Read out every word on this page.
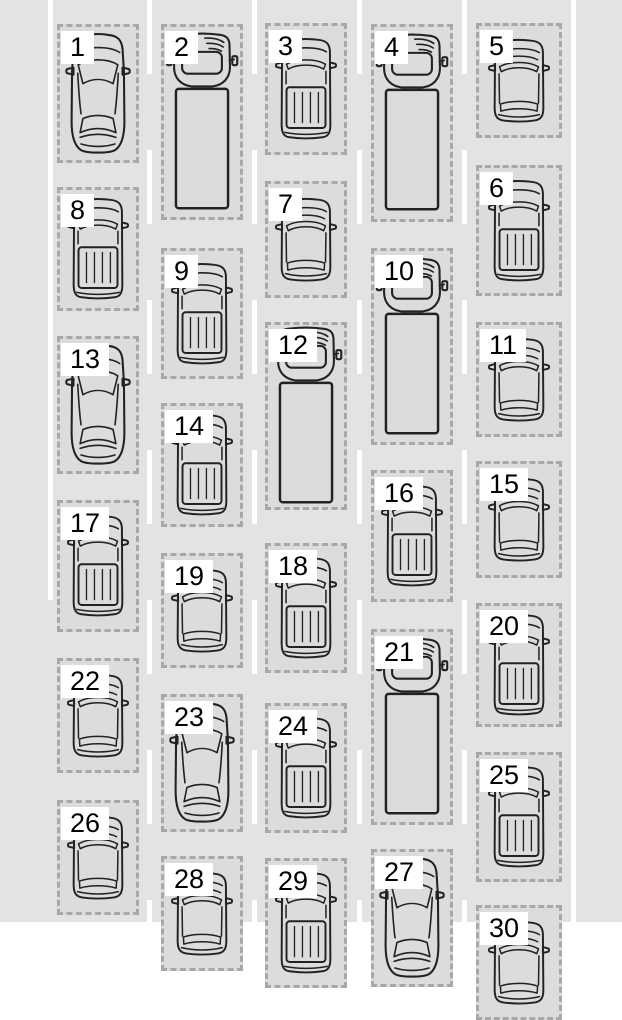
1	2	3	4	5
6
7
8
9	10
11
12
13
14
15
16
17
18
19
20
21
22
23	24
25
26
27
28	29
30
